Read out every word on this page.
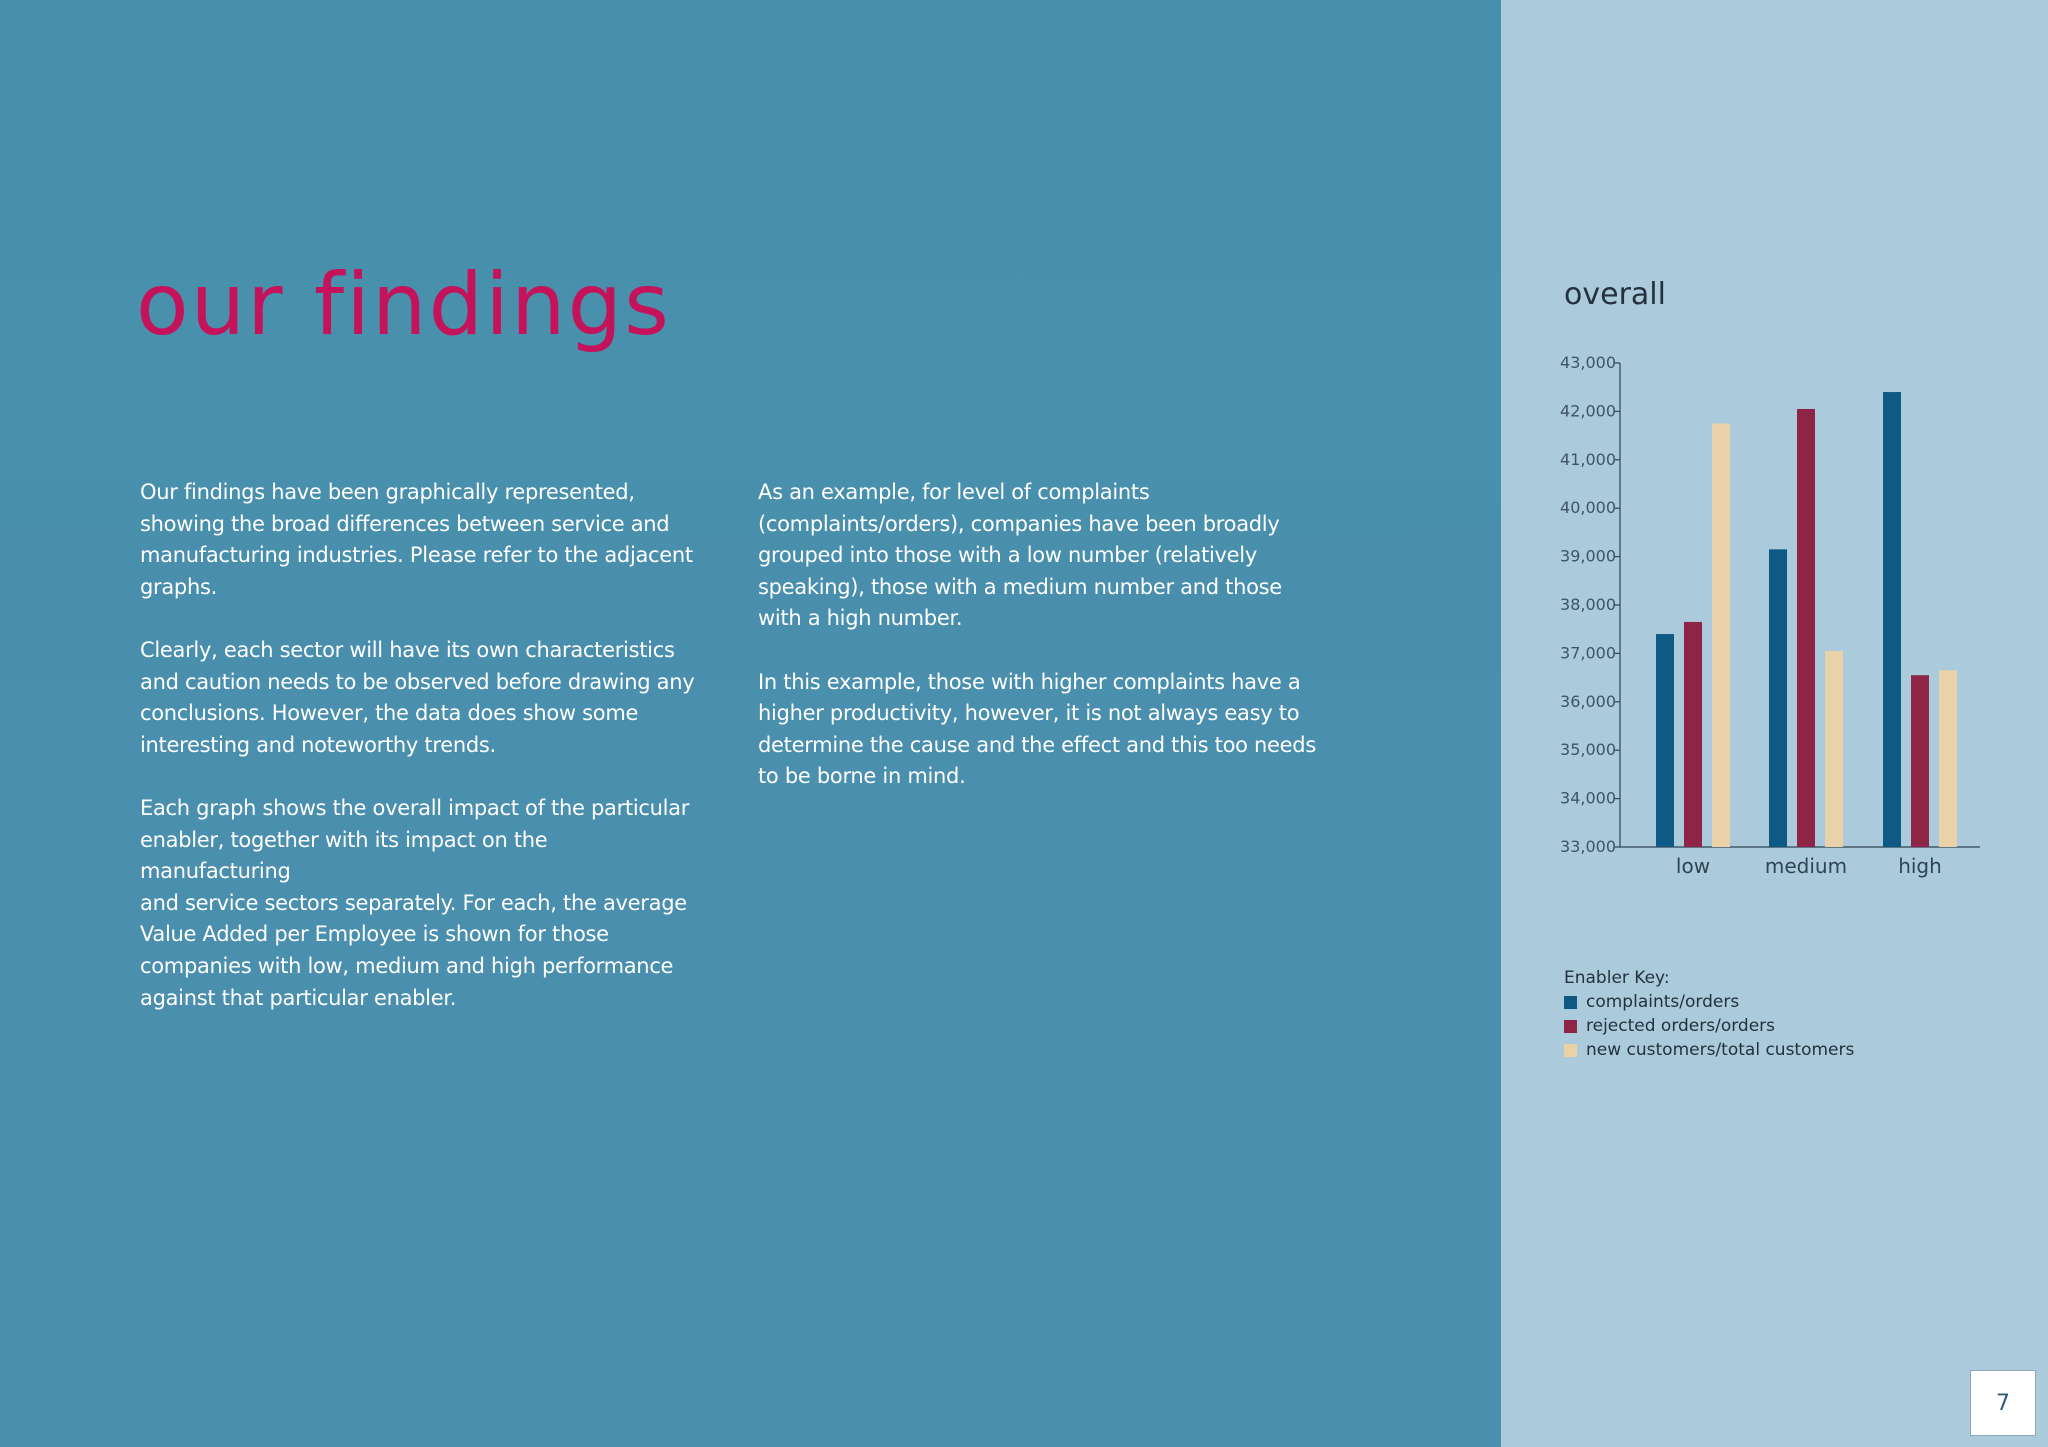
our findings

Our findings have been graphically represented,
showing the broad differences between service and
manufacturing industries. Please refer to the adjacent
graphs.

Clearly, each sector will have its own characteristics
and caution needs to be observed before drawing any
conclusions. However, the data does show some
interesting and noteworthy trends.

Each graph shows the overall impact of the particular
enabler, together with its impact on the manufacturing
and service sectors separately. For each, the average
Value Added per Employee is shown for those
companies with low, medium and high performance
against that particular enabler.

As an example, for level of complaints
(complaints/orders), companies have been broadly
grouped into those with a low number (relatively
speaking), those with a medium number and those
with a high number.

In this example, those with higher complaints have a
higher productivity, however, it is not always easy to
determine the cause and the effect and this too needs
to be borne in mind.

overall
33,000
34,000
35,000
36,000
37,000
38,000
39,000
40,000
41,000
42,000
43,000
low	medium	high
Enabler Key:
complaints/orders
rejected orders/orders
new customers/total customers
7
